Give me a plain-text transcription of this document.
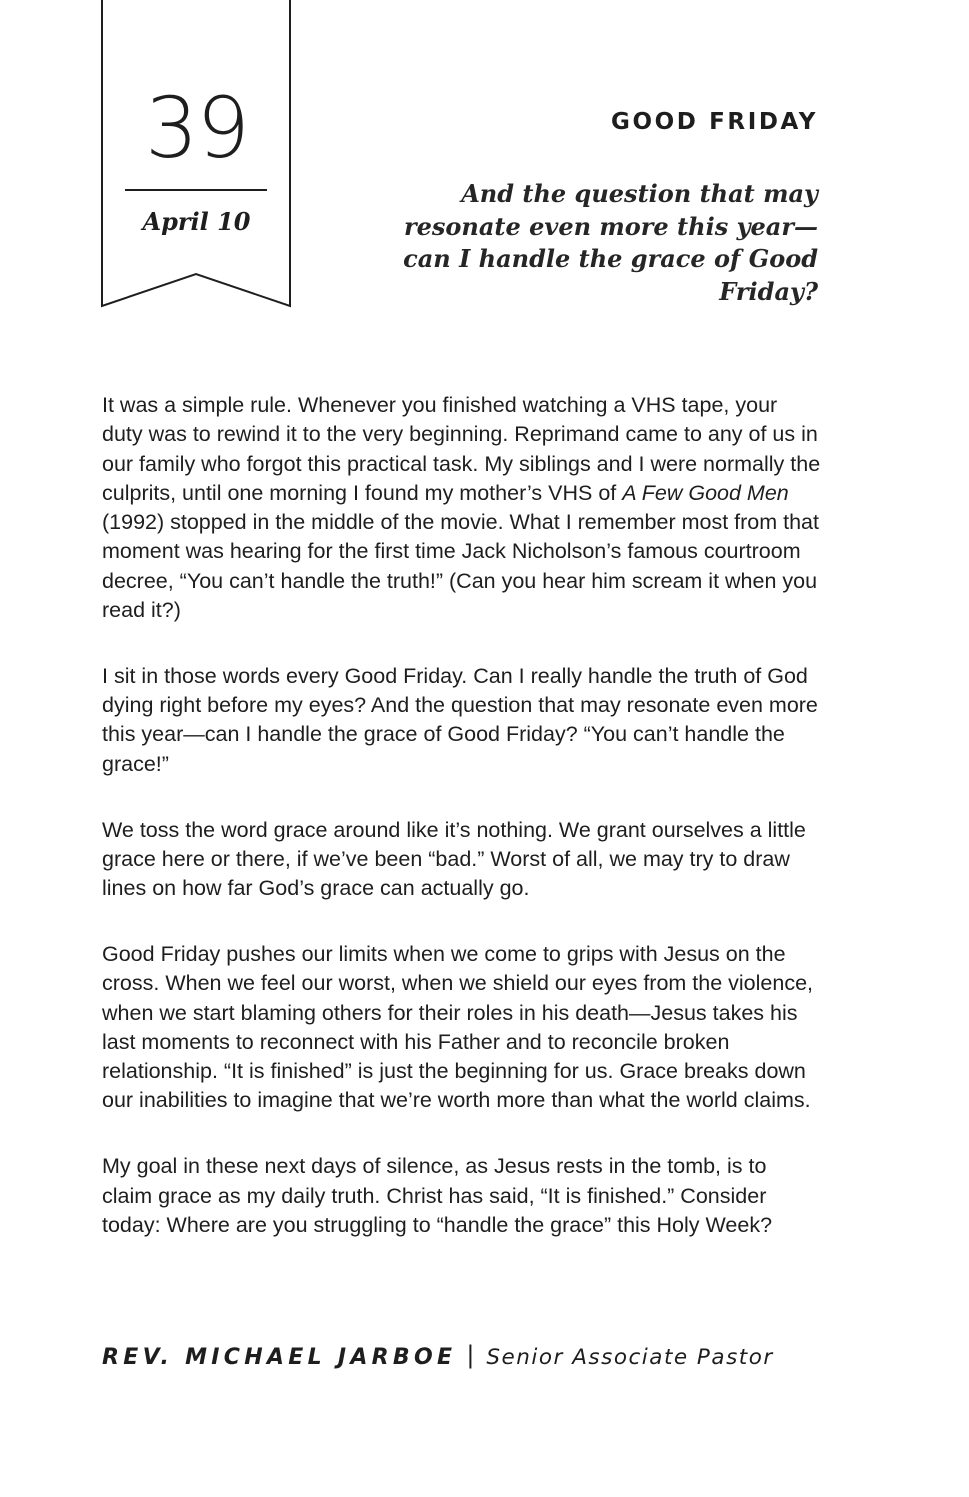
39
April 10
GOOD FRIDAY
And the question that may resonate even more this year—can I handle the grace of Good Friday?

It was a simple rule. Whenever you finished watching a VHS tape, your duty was to rewind it to the very beginning. Reprimand came to any of us in our family who forgot this practical task. My siblings and I were normally the culprits, until one morning I found my mother’s VHS of A Few Good Men (1992) stopped in the middle of the movie. What I remember most from that moment was hearing for the first time Jack Nicholson’s famous courtroom decree, “You can’t handle the truth!” (Can you hear him scream it when you read it?)

I sit in those words every Good Friday. Can I really handle the truth of God dying right before my eyes? And the question that may resonate even more this year—can I handle the grace of Good Friday? “You can’t handle the grace!”

We toss the word grace around like it’s nothing. We grant ourselves a little grace here or there, if we’ve been “bad.” Worst of all, we may try to draw lines on how far God’s grace can actually go.

Good Friday pushes our limits when we come to grips with Jesus on the cross. When we feel our worst, when we shield our eyes from the violence, when we start blaming others for their roles in his death—Jesus takes his last moments to reconnect with his Father and to reconcile broken relationship. “It is finished” is just the beginning for us. Grace breaks down our inabilities to imagine that we’re worth more than what the world claims.

My goal in these next days of silence, as Jesus rests in the tomb, is to claim grace as my daily truth. Christ has said, “It is finished.” Consider today: Where are you struggling to “handle the grace” this Holy Week?

REV. MICHAEL JARBOE | Senior Associate Pastor
